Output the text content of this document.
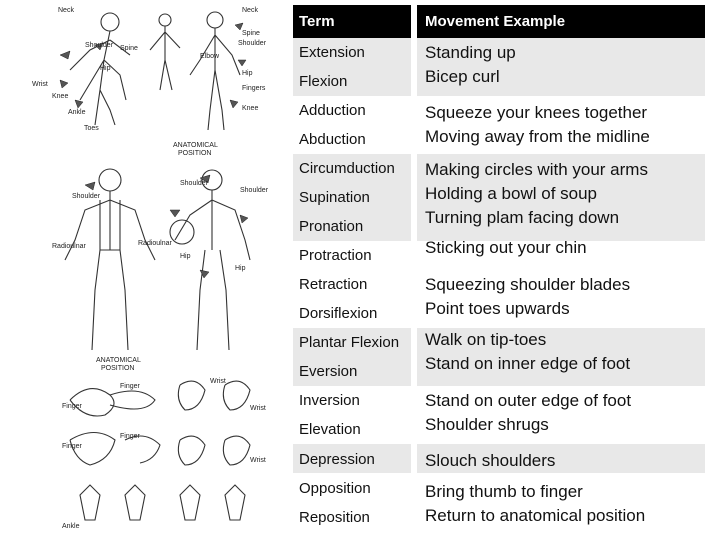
Neck
Shoulder Spine
Hip
Wrist
Knee
Ankle
Toes
Neck
Shoulder
Spine
Elbow
Hip
Fingers
Knee
ANATOMICAL
POSITION
Shoulder
Radioulnar
Hip
Shoulder
Radioulnar
Shoulder
Hip
ANATOMICAL
POSITION
Finger
Finger
Wrist
Wrist
Wrist
Finger
Finger
Ankle
Term	Movement Example
Extension
Flexion
Adduction
Abduction
Circumduction
Supination
Pronation
Protraction
Retraction
Dorsiflexion
Plantar Flexion
Eversion
Inversion
Elevation
Depression
Opposition
Reposition
Standing up
Bicep curl
Squeeze your knees together
Moving away from the midline
Making circles with your arms
Holding a bowl of soup
Turning plam facing down
Sticking out your chin
Squeezing shoulder blades
Point toes upwards
Walk on tip-toes
Stand on inner edge of foot
Stand on outer edge of foot
Shoulder shrugs
Slouch shoulders
Bring thumb to finger
Return to anatomical position
